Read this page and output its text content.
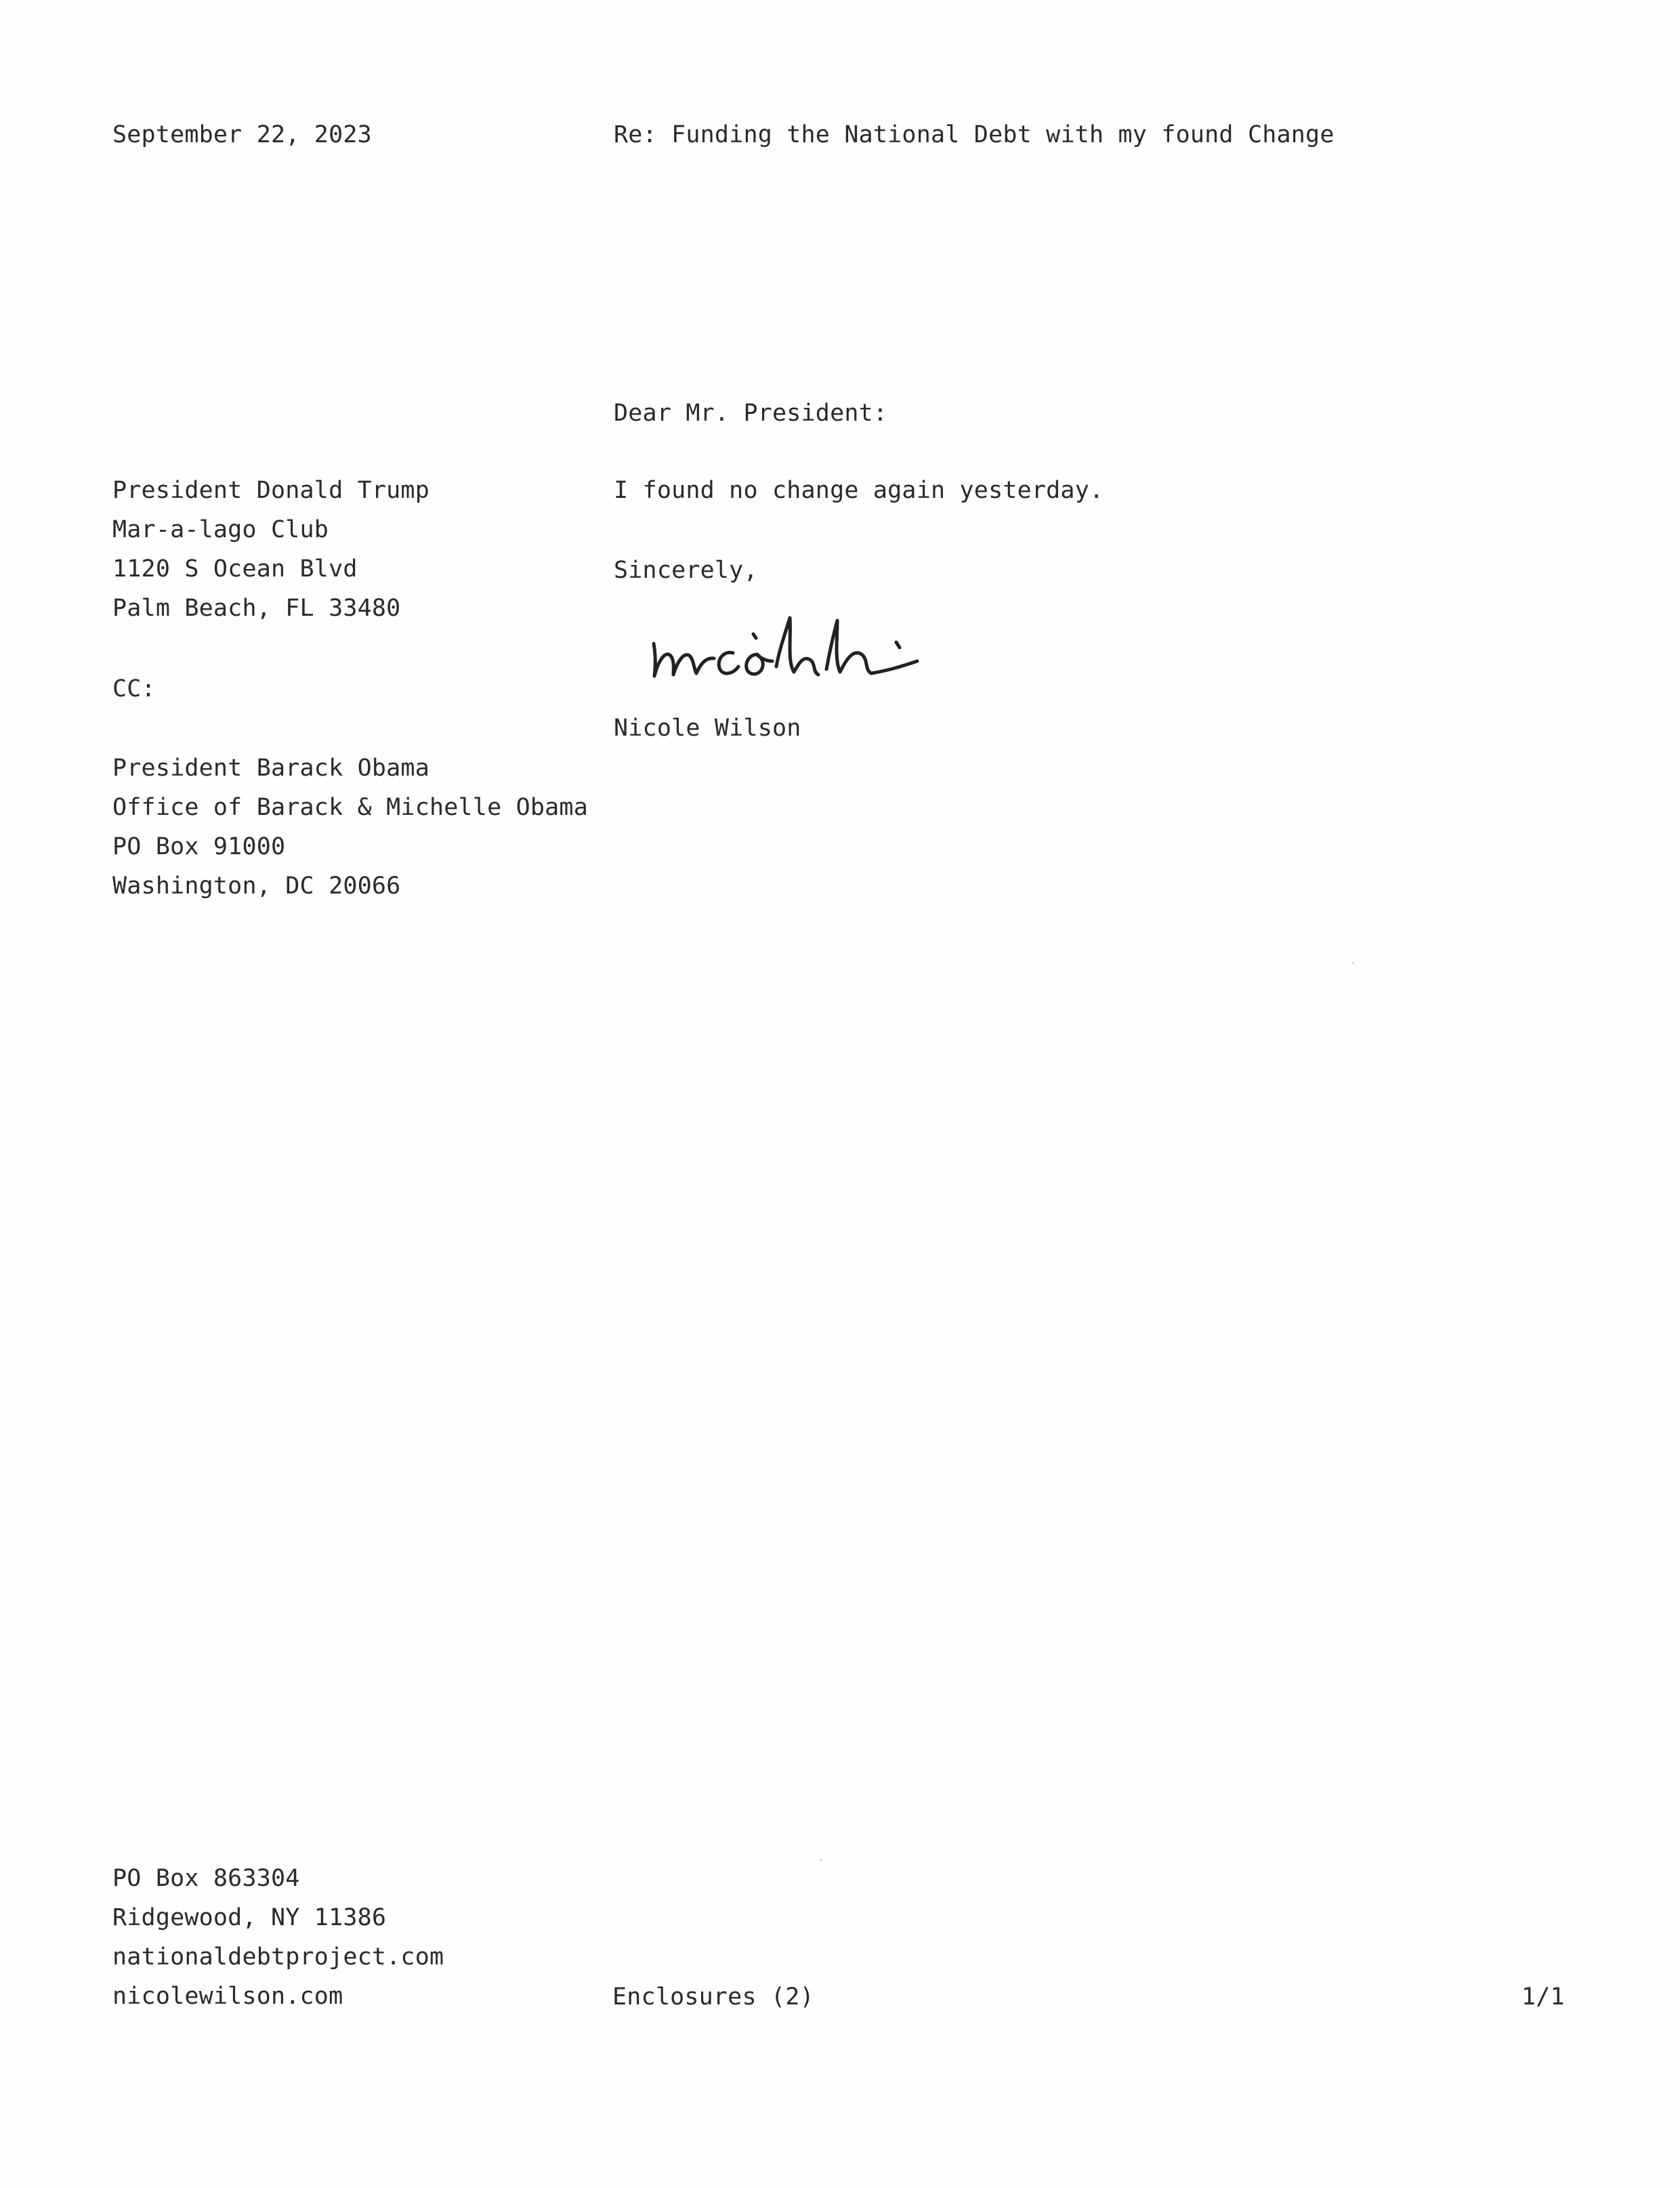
September 22, 2023	Re: Funding the National Debt with my found Change
Dear Mr. President:
President Donald Trump
Mar-a-lago Club
1120 S Ocean Blvd
Palm Beach, FL 33480
I found no change again yesterday.
Sincerely,
Nicole Wilson
CC:
President Barack Obama
Office of Barack & Michelle Obama
PO Box 91000
Washington, DC 20066
PO Box 863304
Ridgewood, NY 11386
nationaldebtproject.com
nicolewilson.com	Enclosures (2)	1/1
